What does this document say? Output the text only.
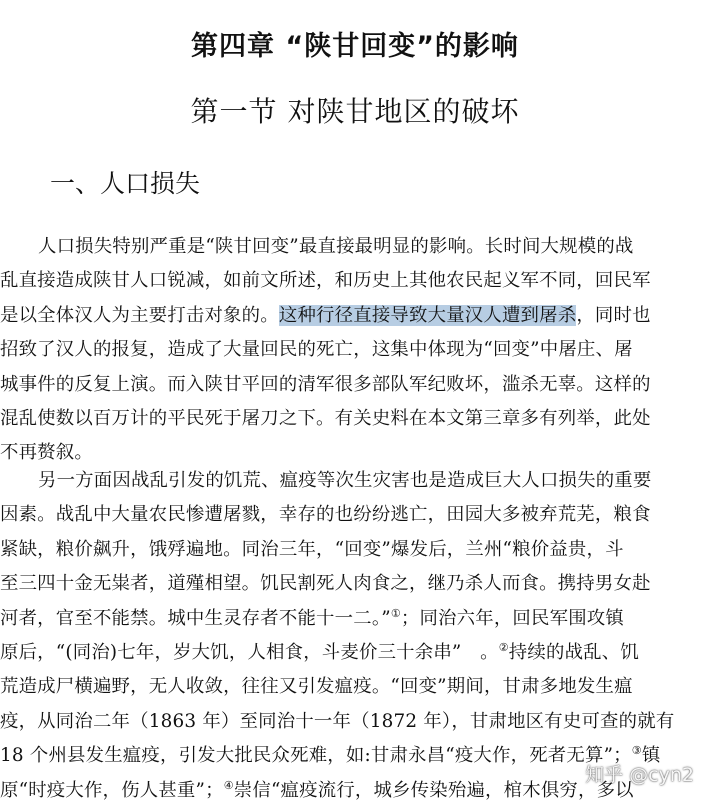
第四章 “陕甘回变”的影响
第一节 对陕甘地区的破坏
一、人口损失
人口损失特别严重是“陕甘回变”最直接最明显的影响。长时间大规模的战
乱直接造成陕甘人口锐减，如前文所述，和历史上其他农民起义军不同，回民军
是以全体汉人为主要打击对象的。这种行径直接导致大量汉人遭到屠杀，同时也
招致了汉人的报复，造成了大量回民的死亡，这集中体现为“回变”中屠庄、屠
城事件的反复上演。而入陕甘平回的清军很多部队军纪败坏，滥杀无辜。这样的
混乱使数以百万计的平民死于屠刀之下。有关史料在本文第三章多有列举，此处
不再赘叙。
另一方面因战乱引发的饥荒、瘟疫等次生灾害也是造成巨大人口损失的重要
因素。战乱中大量农民惨遭屠戮，幸存的也纷纷逃亡，田园大多被弃荒芜，粮食
紧缺，粮价飙升，饿殍遍地。同治三年，“回变”爆发后，兰州“粮价益贵，斗
至三四十金无粜者，道殣相望。饥民割死人肉食之，继乃杀人而食。携持男女赴
河者，官至不能禁。城中生灵存者不能十一二。”①；同治六年，回民军围攻镇
原后，“(同治)七年，岁大饥，人相食，斗麦价三十余串”　。②持续的战乱、饥
荒造成尸横遍野，无人收敛，往往又引发瘟疫。“回变”期间，甘肃多地发生瘟
疫，从同治二年（1863 年）至同治十一年（1872 年），甘肃地区有史可查的就有
18 个州县发生瘟疫，引发大批民众死难，如:甘肃永昌“疫大作，死者无算”；③镇
原“时疫大作，伤人甚重”；④崇信“瘟疫流行，城乡传染殆遍，棺木俱穷，多以
知乎 @cyn2
